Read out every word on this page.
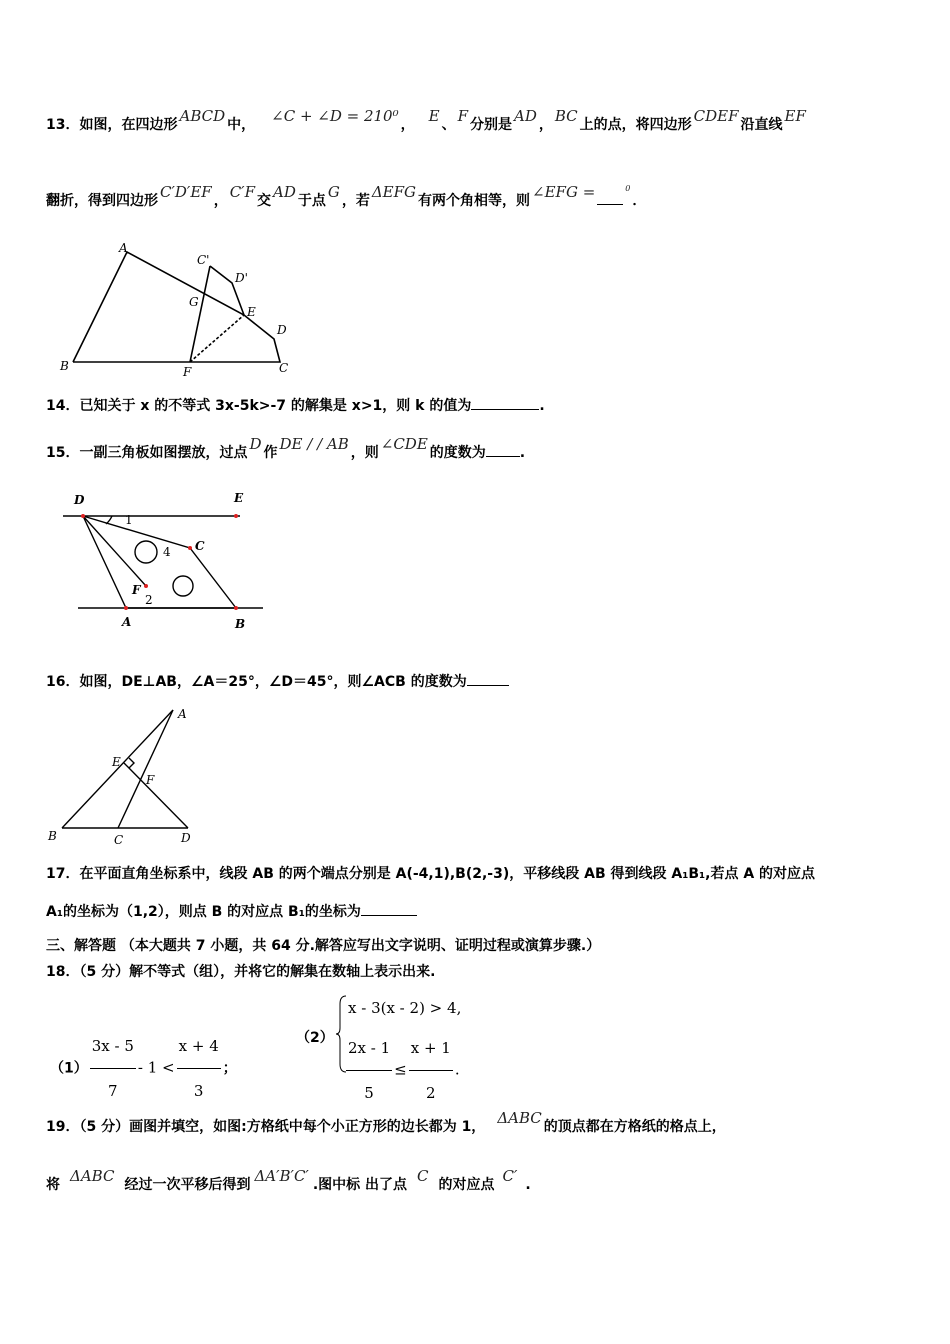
13．如图，在四边形 ABCD 中， ∠C + ∠D = 210⁰ ， E 、 F 分别是 AD ， BC 上的点，将四边形 CDEF 沿直线 EF
翻折，得到四边形 C′D′EF ， C′F 交 AD 于点 G ，若 ΔEFG 有两个角相等，则 ∠EFG =	$^0$．
A
B	C
D
E
F
G
C'
D'
14．已知关于 x 的不等式 3x-5k>-7 的解集是 x>1，则 k 的值为	.
15．一副三角板如图摆放，过点 D 作 DE / / AB ，则 ∠CDE 的度数为 .
D	E
C
F
A	B
1
2
4
16．如图，DE⊥AB，∠A＝25°，∠D＝45°，则∠ACB 的度数为
A
B	C	D
E
F
17．在平面直角坐标系中，线段 AB 的两个端点分别是 A(-4,1),B(2,-3)，平移线段 AB 得到线段 A₁B₁,若点 A 的对应点
A₁的坐标为（1,2），则点 B 的对应点 B₁的坐标为
三、解答题 （本大题共 7 小题，共 64 分.解答应写出文字说明、证明过程或演算步骤.）
18．（5 分）解不等式（组），并将它的解集在数轴上表示出来.
$(1) \frac{3x - 5}{7} - 1 < \frac{x + 4}{3}$ ；
（2）
x - 3(x - 2) > 4,
$\frac{2x - 1}{5} \le \frac{x + 1}{2}$ .
19．（5 分）画图并填空，如图:方格纸中每个小正方形的边长都为 1， ΔABC 的顶点都在方格纸的格点上，
将 ΔABC 经过一次平移后得到 ΔA′B′C′ .图中标 出了点 C 的对应点 C′ .
